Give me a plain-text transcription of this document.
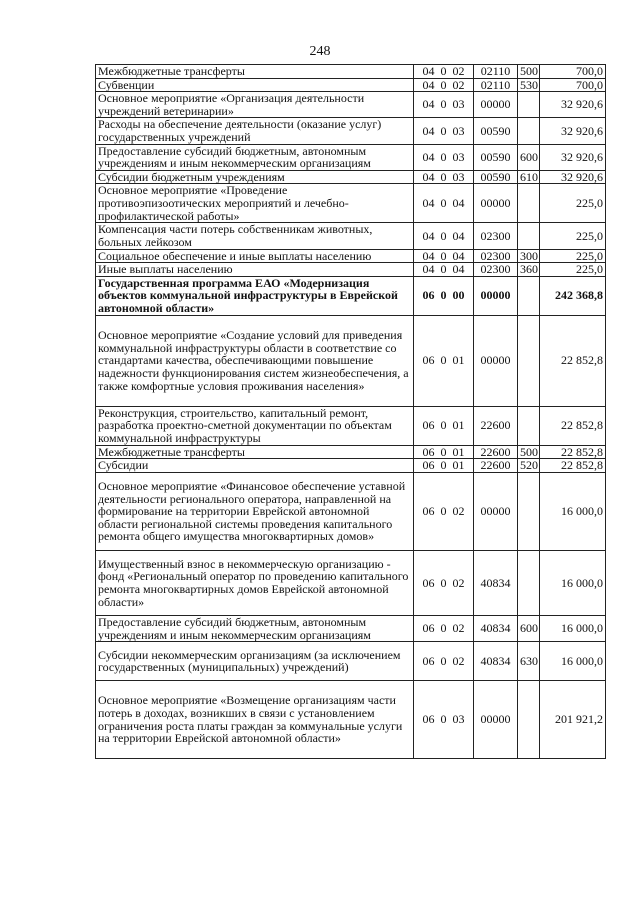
248
Межбюджетные трансферты	04 0 02	02110	500	700,0
Субвенции	04 0 02	02110	530	700,0
Основное мероприятие «Организация деятельности учреждений ветеринарии»	04 0 03	00000		32 920,6
Расходы на обеспечение деятельности (оказание услуг) государственных учреждений	04 0 03	00590		32 920,6
Предоставление субсидий бюджетным, автономным учреждениям и иным некоммерческим организациям	04 0 03	00590	600	32 920,6
Субсидии бюджетным учреждениям	04 0 03	00590	610	32 920,6
Основное мероприятие «Проведение противоэпизоотических мероприятий и лечебно-профилактической работы»	04 0 04	00000		225,0
Компенсация части потерь собственникам животных, больных лейкозом	04 0 04	02300		225,0
Социальное обеспечение и иные выплаты населению	04 0 04	02300	300	225,0
Иные выплаты населению	04 0 04	02300	360	225,0
Государственная программа ЕАО «Модернизация объектов коммунальной инфраструктуры в Еврейской автономной области»	06 0 00	00000		242 368,8
Основное мероприятие «Создание условий для приведения коммунальной инфраструктуры области в соответствие со стандартами качества, обеспечивающими повышение надежности функционирования систем жизнеобеспечения, а также комфортные условия проживания населения»	06 0 01	00000		22 852,8
Реконструкция, строительство, капитальный ремонт, разработка проектно-сметной документации по объектам коммунальной инфраструктуры	06 0 01	22600		22 852,8
Межбюджетные трансферты	06 0 01	22600	500	22 852,8
Субсидии	06 0 01	22600	520	22 852,8
Основное мероприятие «Финансовое обеспечение уставной деятельности регионального оператора, направленной на формирование на территории Еврейской автономной области региональной системы проведения капитального ремонта общего имущества многоквартирных домов»	06 0 02	00000		16 000,0
Имущественный взнос в некоммерческую организацию - фонд «Региональный оператор по проведению капитального ремонта многоквартирных домов Еврейской автономной области»	06 0 02	40834		16 000,0
Предоставление субсидий бюджетным, автономным учреждениям и иным некоммерческим организациям	06 0 02	40834	600	16 000,0
Субсидии некоммерческим организациям (за исключением государственных (муниципальных) учреждений)	06 0 02	40834	630	16 000,0
Основное мероприятие «Возмещение организациям части потерь в доходах, возникших в связи с установлением ограничения роста платы граждан за коммунальные услуги на территории Еврейской автономной области»	06 0 03	00000		201 921,2
